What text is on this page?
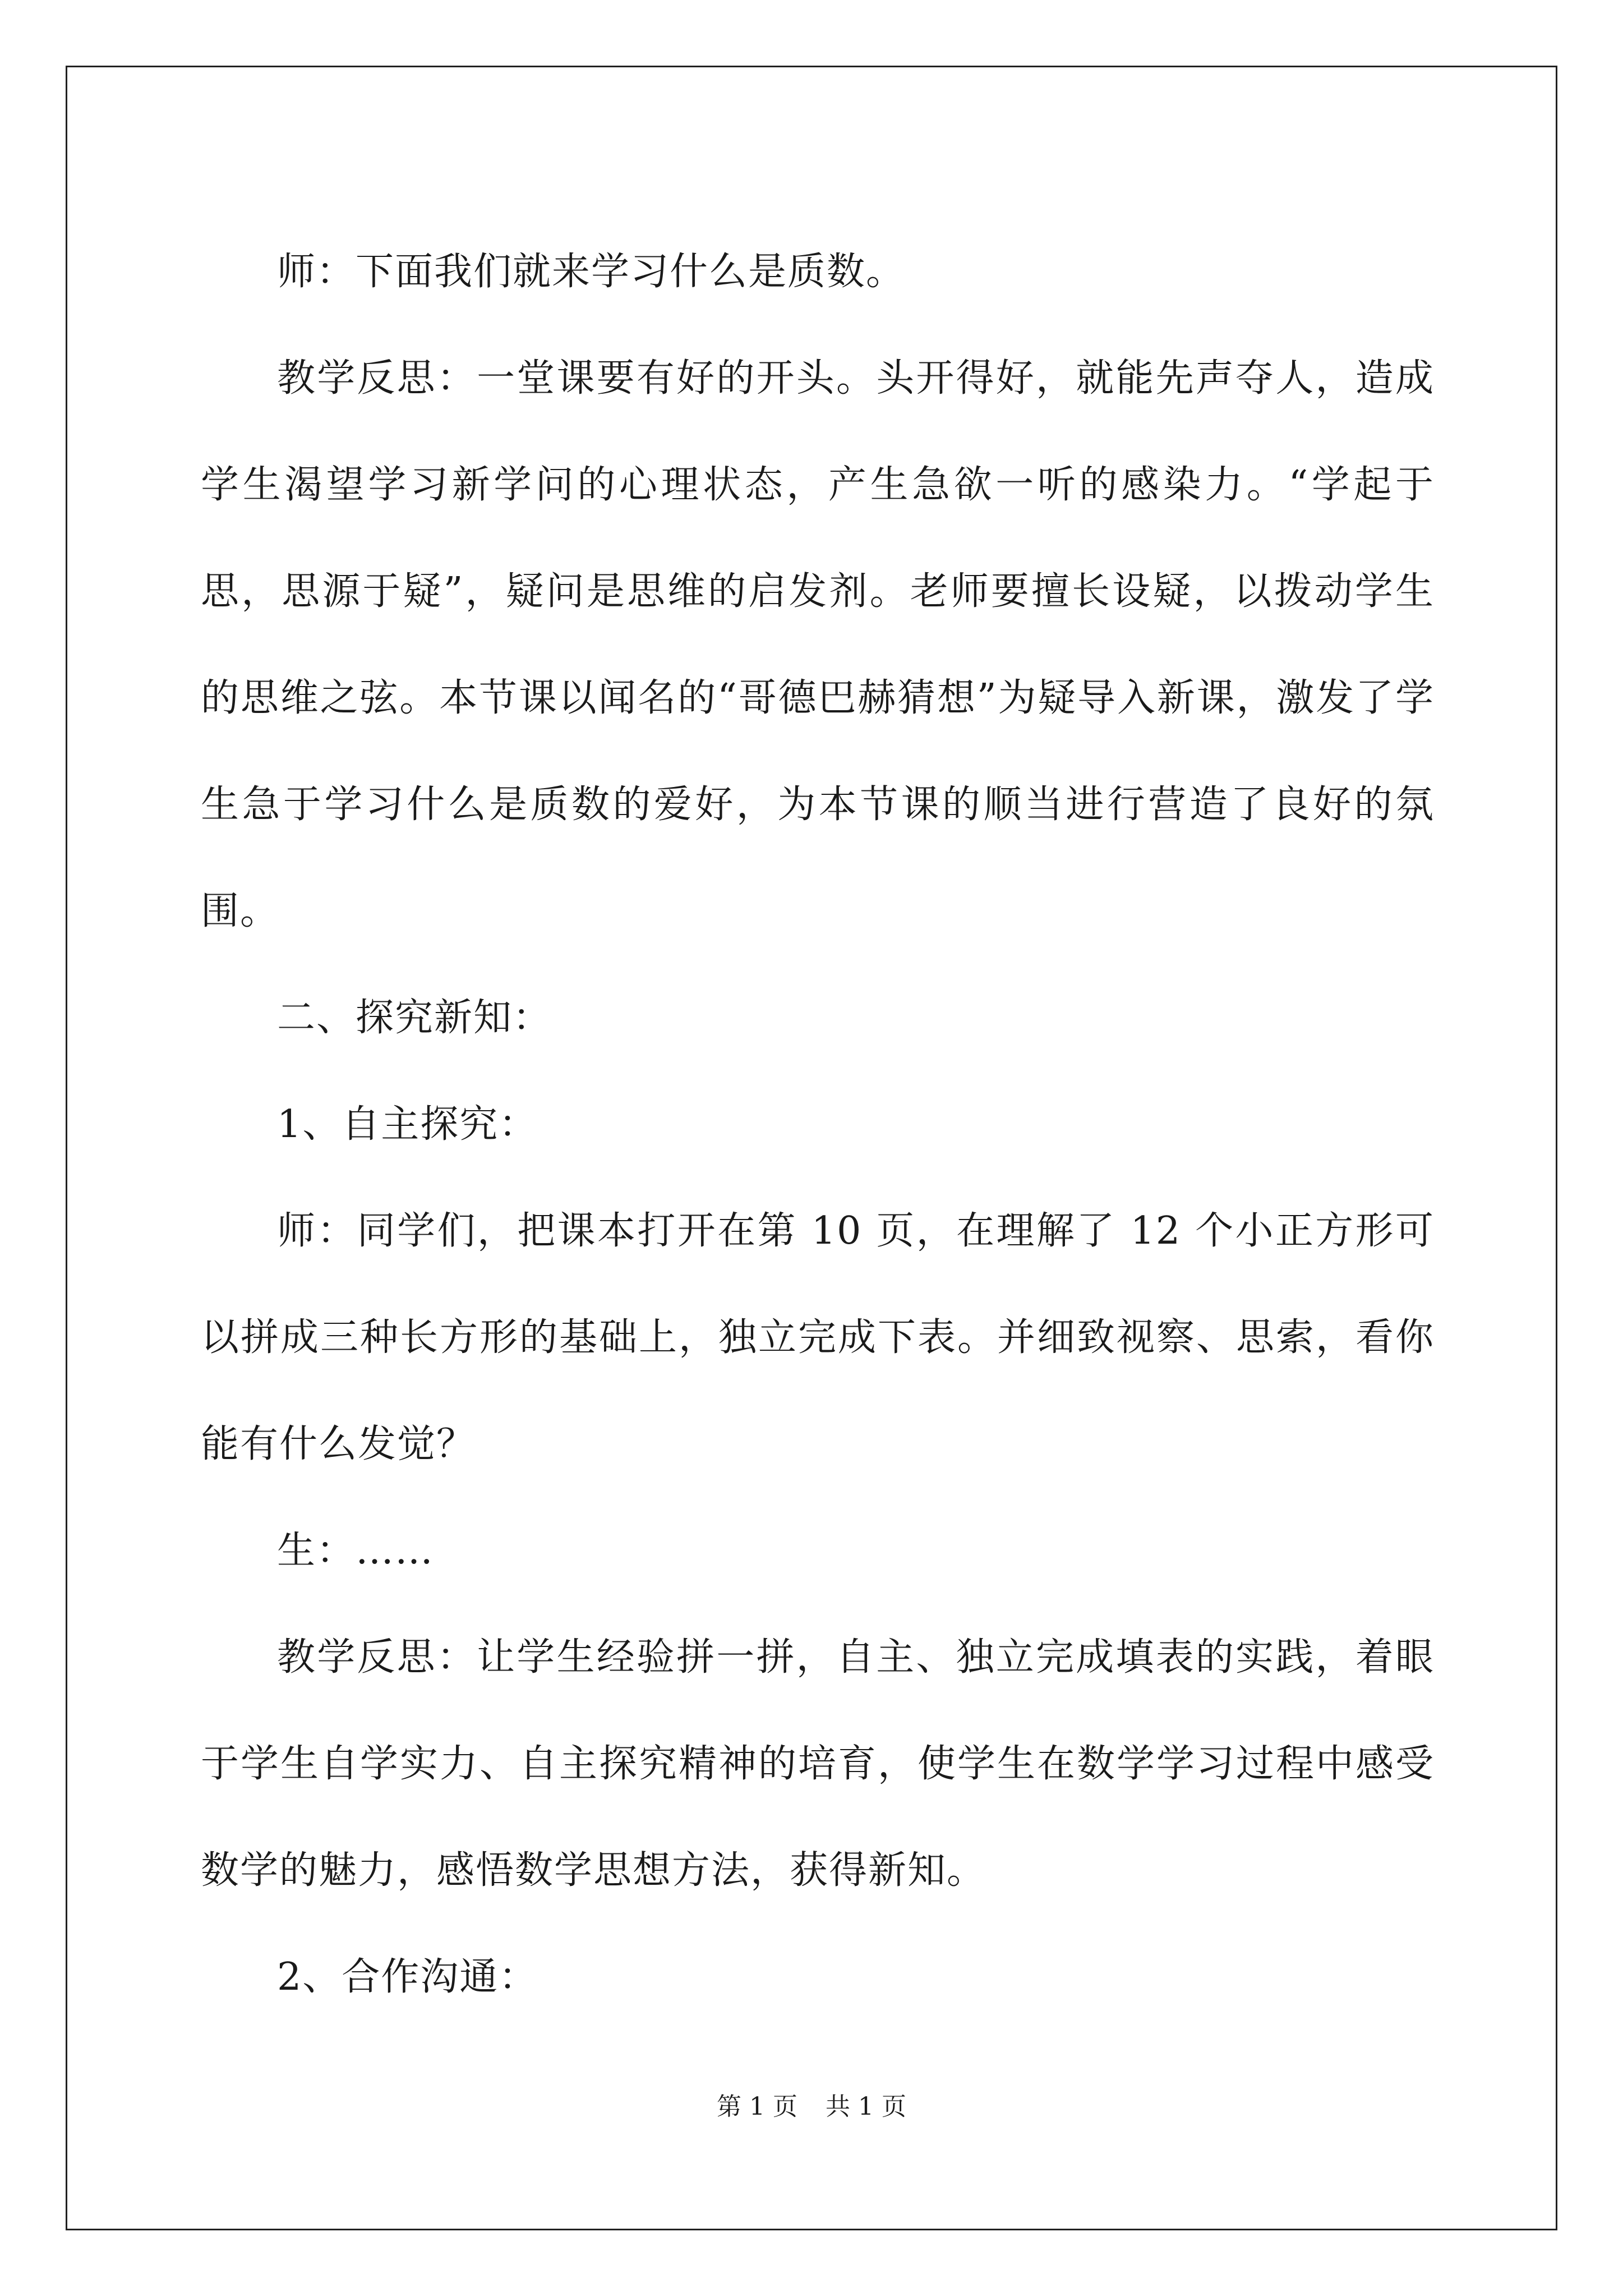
师：下面我们就来学习什么是质数。

教学反思：一堂课要有好的开头。头开得好，就能先声夺人，造成学生渴望学习新学问的心理状态，产生急欲一听的感染力。“学起于思，思源于疑”，疑问是思维的启发剂。老师要擅长设疑，以拨动学生的思维之弦。本节课以闻名的“哥德巴赫猜想”为疑导入新课，激发了学生急于学习什么是质数的爱好，为本节课的顺当进行营造了良好的氛围。

二、探究新知：

1、自主探究：

师：同学们，把课本打开在第 10 页，在理解了 12 个小正方形可以拼成三种长方形的基础上，独立完成下表。并细致视察、思索，看你能有什么发觉？

生：……

教学反思：让学生经验拼一拼，自主、独立完成填表的实践，着眼于学生自学实力、自主探究精神的培育，使学生在数学学习过程中感受数学的魅力，感悟数学思想方法，获得新知。

2、合作沟通：

第 1 页 共 1 页
